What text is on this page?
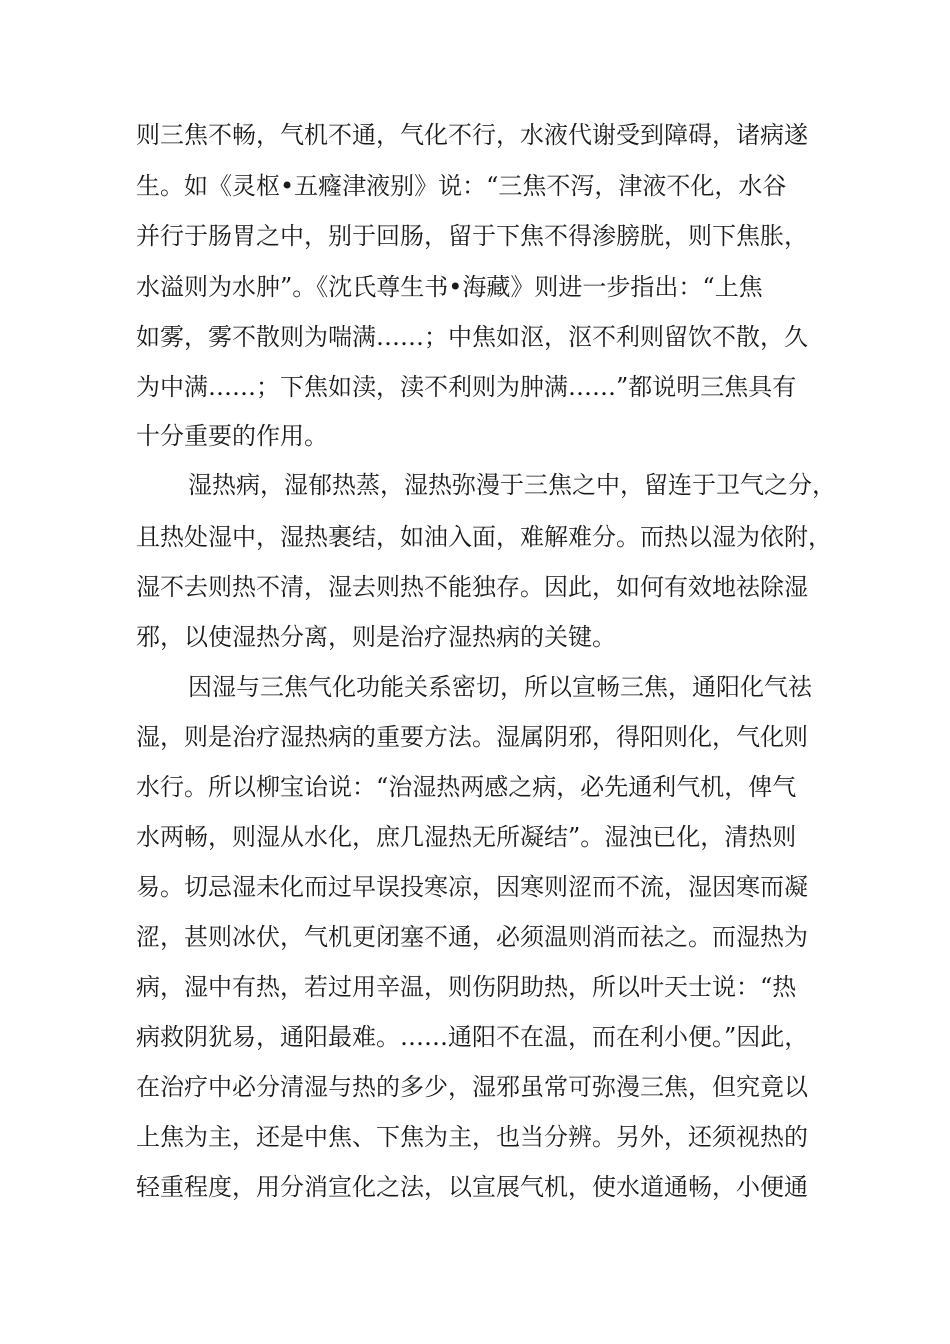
则三焦不畅，气机不通，气化不行，水液代谢受到障碍，诸病遂
生。如《灵枢•五癃津液别》说：“三焦不泻，津液不化，水谷
并行于肠胃之中，别于回肠，留于下焦不得渗膀胱，则下焦胀，
水溢则为水肿”。《沈氏尊生书•海藏》则进一步指出：“上焦
如雾，雾不散则为喘满……；中焦如沤，沤不利则留饮不散，久
为中满……；下焦如渎，渎不利则为肿满……”都说明三焦具有
十分重要的作用。
湿热病，湿郁热蒸，湿热弥漫于三焦之中，留连于卫气之分，
且热处湿中，湿热裹结，如油入面，难解难分。而热以湿为依附，
湿不去则热不清，湿去则热不能独存。因此，如何有效地祛除湿
邪，以使湿热分离，则是治疗湿热病的关键。
因湿与三焦气化功能关系密切，所以宣畅三焦，通阳化气祛
湿，则是治疗湿热病的重要方法。湿属阴邪，得阳则化，气化则
水行。所以柳宝诒说：“治湿热两感之病，必先通利气机，俾气
水两畅，则湿从水化，庶几湿热无所凝结”。湿浊已化，清热则
易。切忌湿未化而过早误投寒凉，因寒则涩而不流，湿因寒而凝
涩，甚则冰伏，气机更闭塞不通，必须温则消而祛之。而湿热为
病，湿中有热，若过用辛温，则伤阴助热，所以叶天士说：“热
病救阴犹易，通阳最难。……通阳不在温，而在利小便。”因此，
在治疗中必分清湿与热的多少，湿邪虽常可弥漫三焦，但究竟以
上焦为主，还是中焦、下焦为主，也当分辨。另外，还须视热的
轻重程度，用分消宣化之法，以宣展气机，使水道通畅，小便通
